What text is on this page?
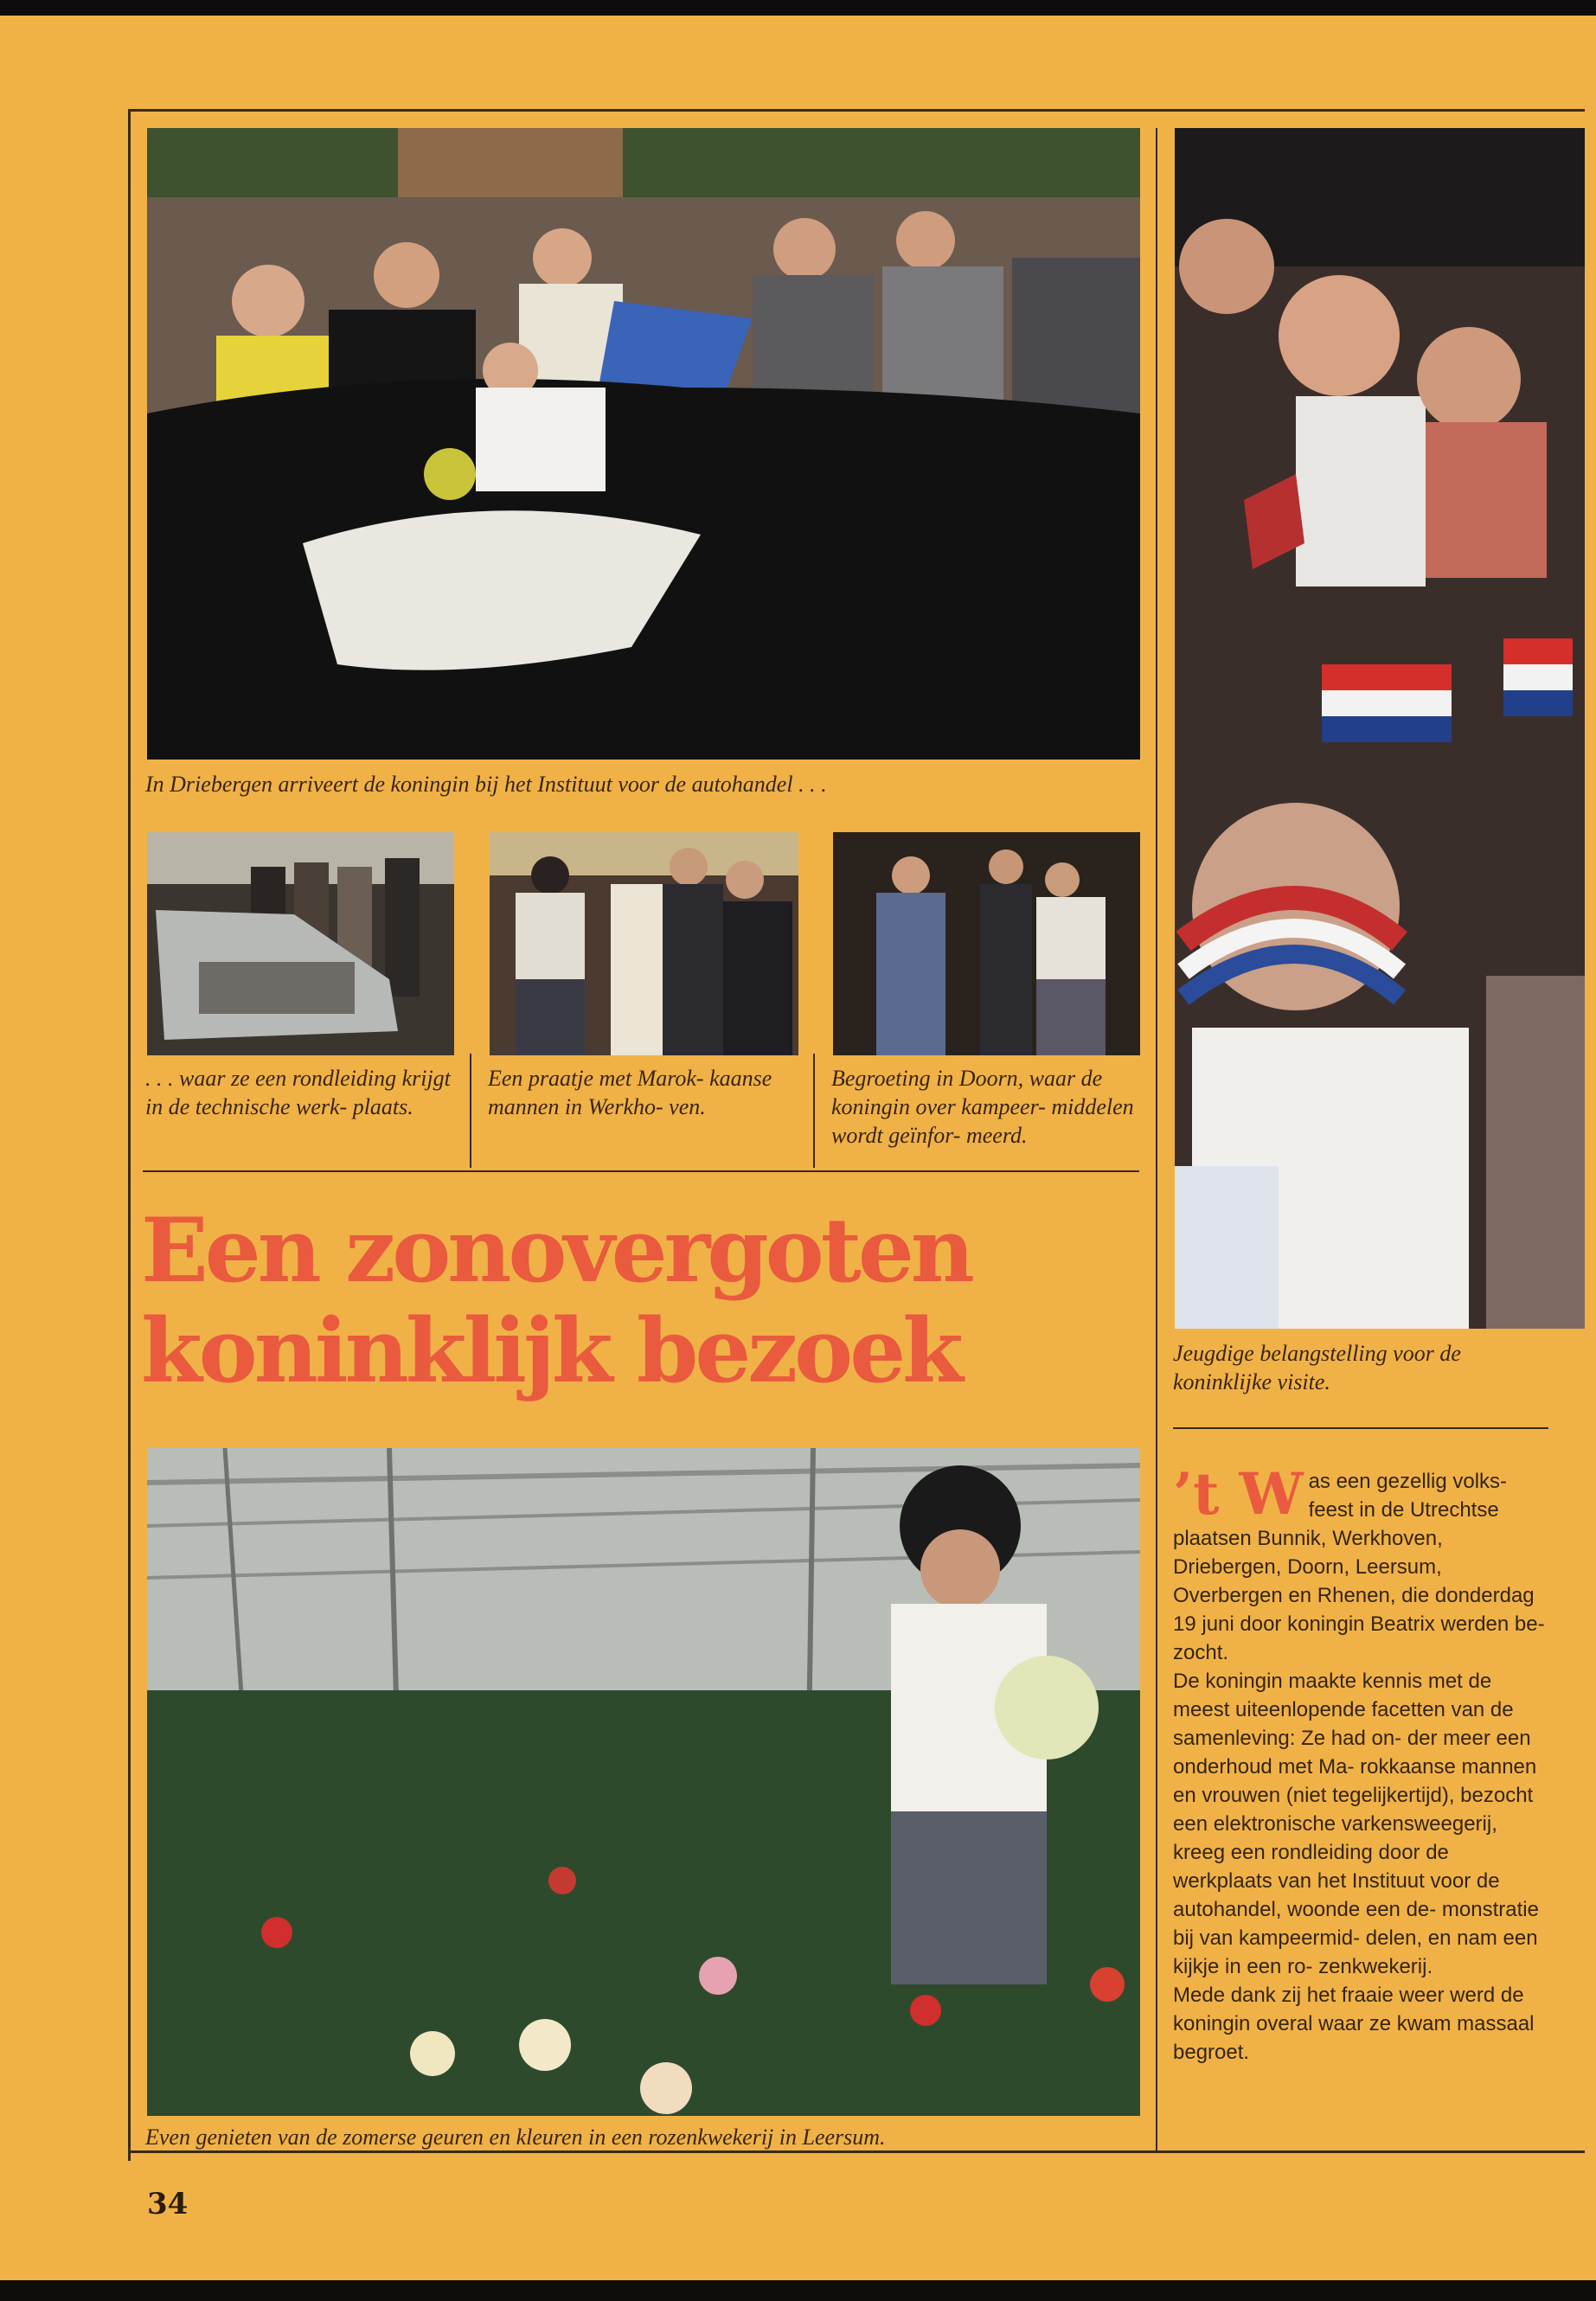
In Driebergen arriveert de koningin bij het Instituut voor de autohandel . . .

. . . waar ze een rondleiding krijgt in de technische werk- plaats.

Een praatje met Marok- kaanse mannen in Werkho- ven.

Begroeting in Doorn, waar de koningin over kampeer- middelen wordt geïnfor- meerd.

Jeugdige belangstelling voor de koninklijke visite.

Een zonovergoten
koninklijk bezoek

Even genieten van de zomerse geuren en kleuren in een rozenkwekerij in Leersum.

’t W as een gezellig volks- feest in de Utrechtse plaatsen Bunnik, Werkhoven, Driebergen, Doorn, Leersum, Overbergen en Rhenen, die donderdag 19 juni door koningin Beatrix werden be- zocht.

De koningin maakte kennis met de meest uiteenlopende facetten van de samenleving: Ze had on- der meer een onderhoud met Ma- rokkaanse mannen en vrouwen (niet tegelijkertijd), bezocht een elektronische varkensweegerij, kreeg een rondleiding door de werkplaats van het Instituut voor de autohandel, woonde een de- monstratie bij van kampeermid- delen, en nam een kijkje in een ro- zenkwekerij.

Mede dank zij het fraaie weer werd de koningin overal waar ze kwam massaal begroet.

34
